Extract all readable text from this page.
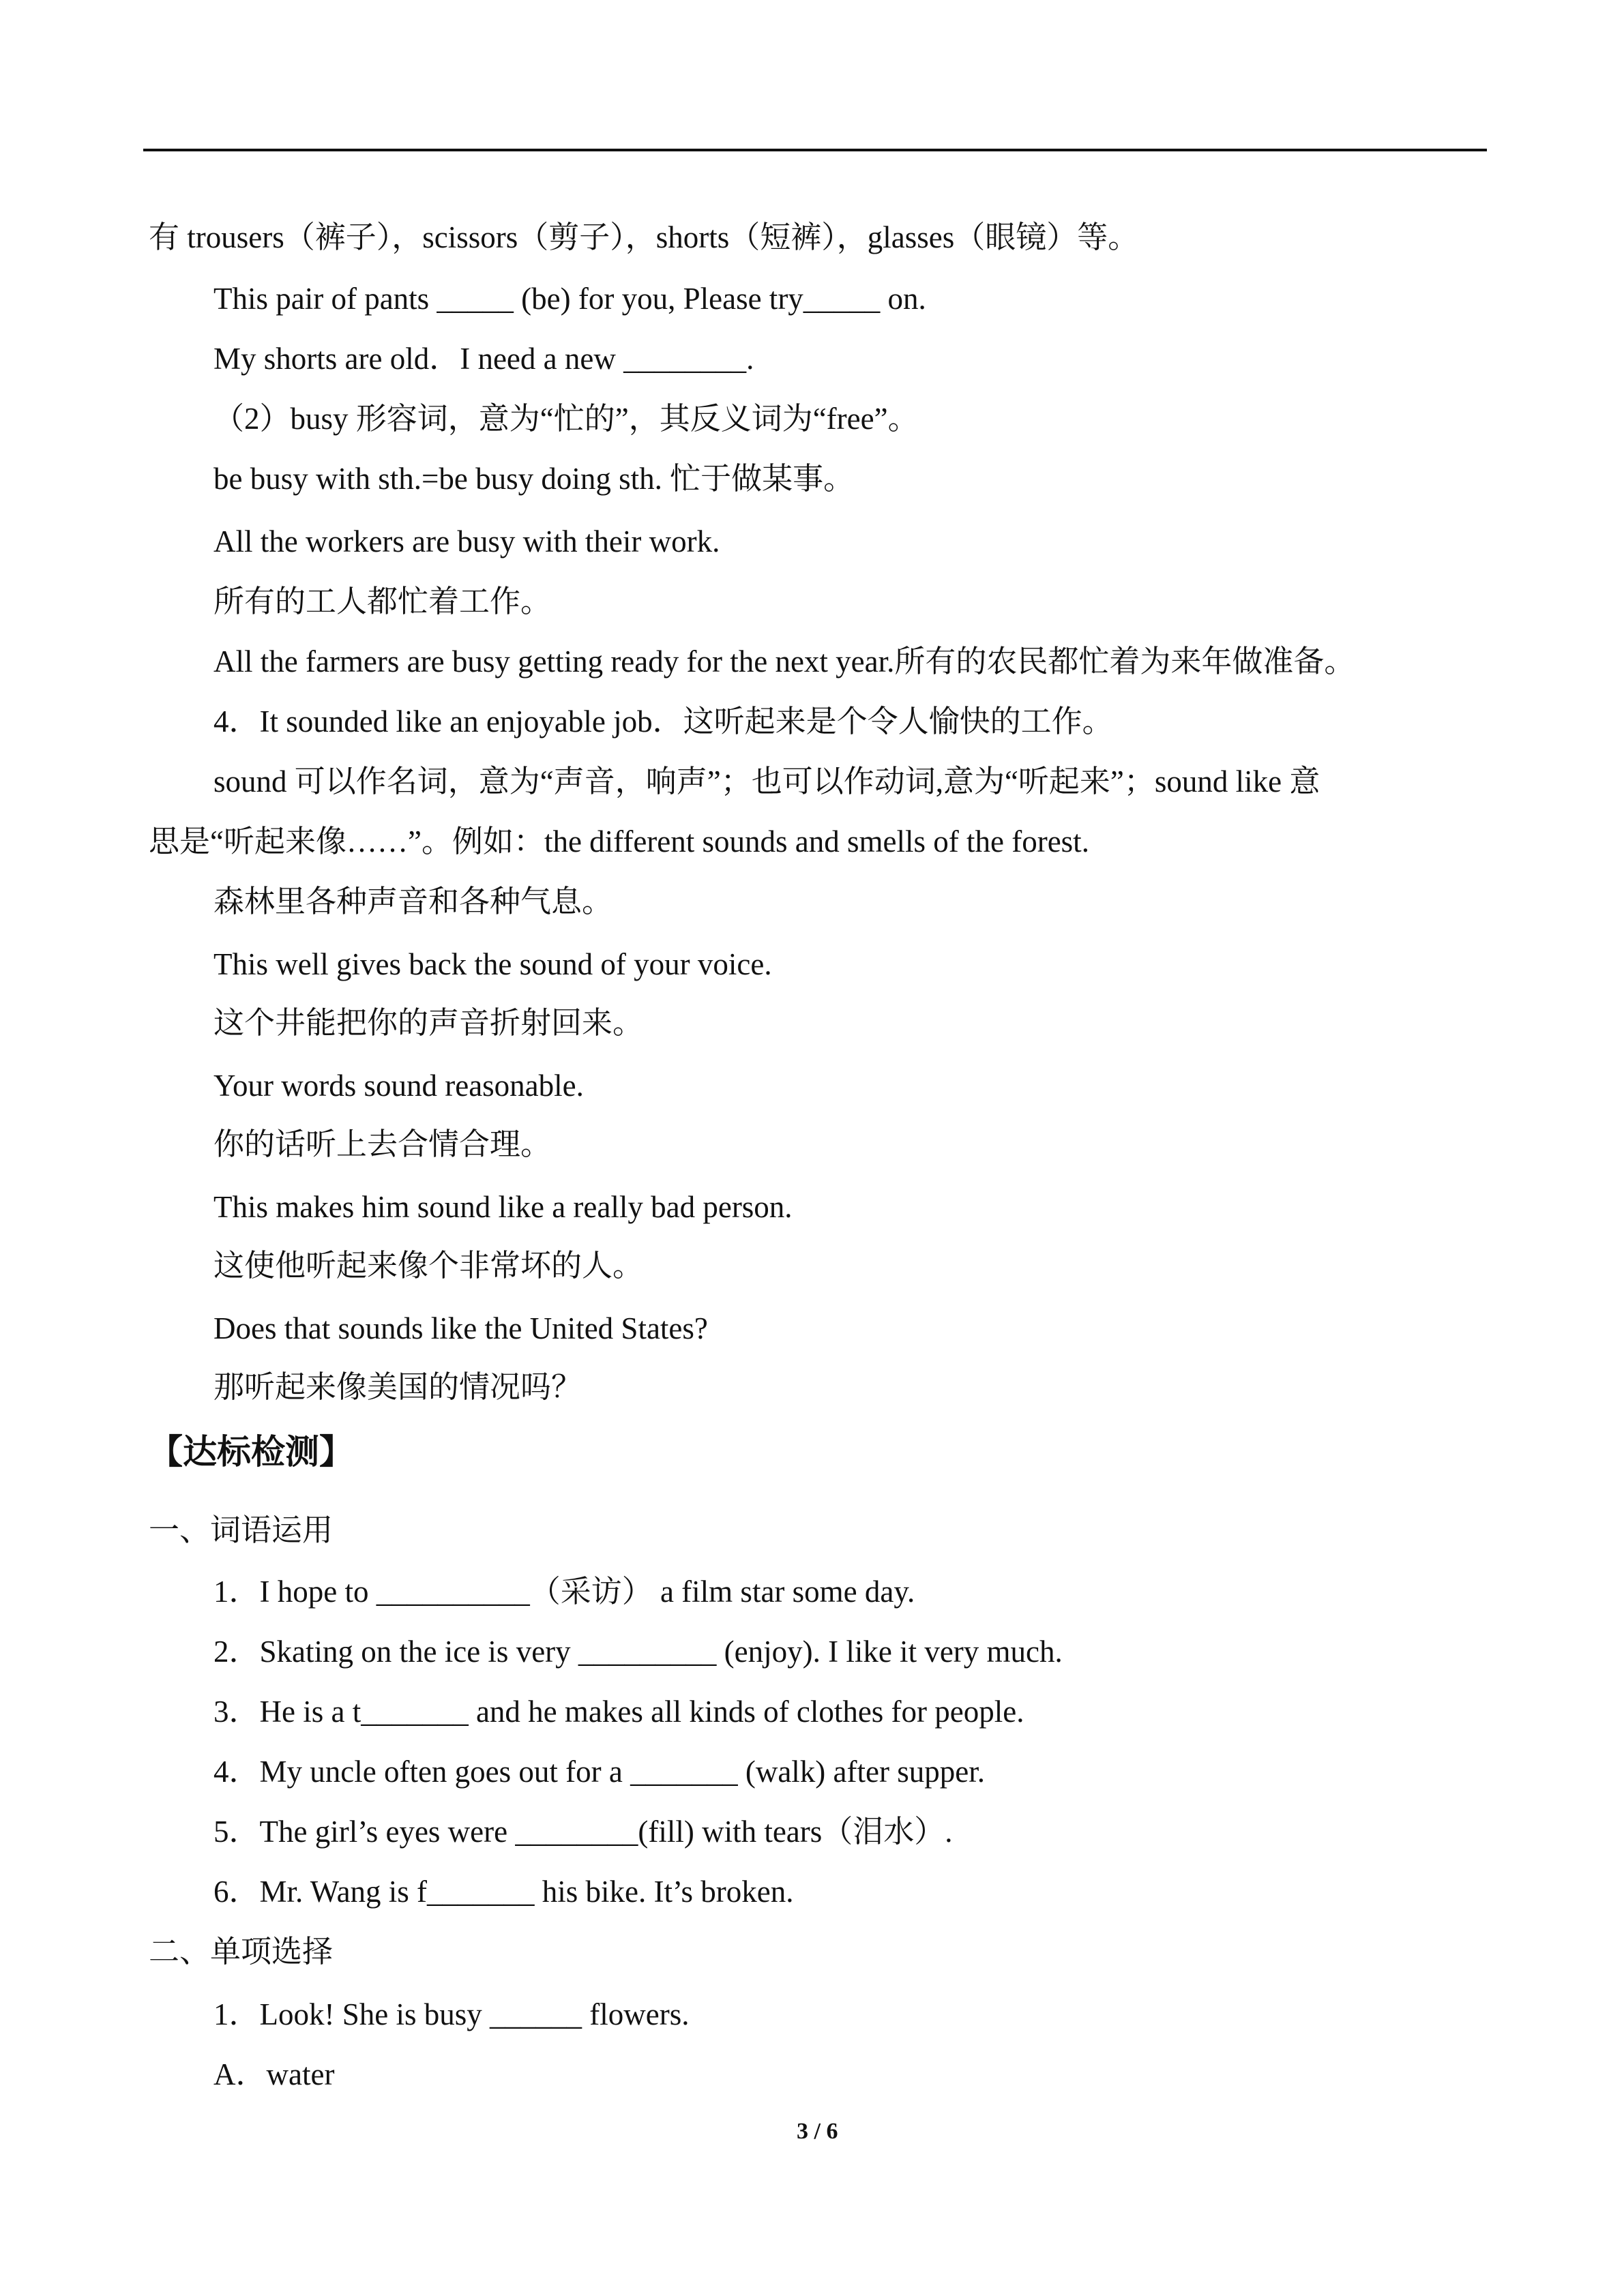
有 trousers（裤子），scissors（剪子），shorts（短裤），glasses（眼镜）等。
This pair of pants _____ (be) for you, Please try_____ on.
My shorts are old．I need a new ________.
（2）busy 形容词，意为“忙的”，其反义词为“free”。
be busy with sth.=be busy doing sth. 忙于做某事。
All the workers are busy with their work.
所有的工人都忙着工作。
All the farmers are busy getting ready for the next year.所有的农民都忙着为来年做准备。
4．It sounded like an enjoyable job．这听起来是个令人愉快的工作。
sound 可以作名词，意为“声音，响声”；也可以作动词,意为“听起来”；sound like 意
思是“听起来像……”。例如：the different sounds and smells of the forest.
森林里各种声音和各种气息。
This well gives back the sound of your voice.
这个井能把你的声音折射回来。
Your words sound reasonable.
你的话听上去合情合理。
This makes him sound like a really bad person.
这使他听起来像个非常坏的人。
Does that sounds like the United States?
那听起来像美国的情况吗？
【达标检测】
一、词语运用
1．I hope to __________（采访） a film star some day.
2．Skating on the ice is very _________ (enjoy). I like it very much.
3．He is a t_______ and he makes all kinds of clothes for people.
4．My uncle often goes out for a _______ (walk) after supper.
5．The girl’s eyes were ________(fill) with tears（泪水）.
6．Mr. Wang is f_______ his bike. It’s broken.
二、单项选择
1．Look! She is busy ______ flowers.
A．water
3 / 6
